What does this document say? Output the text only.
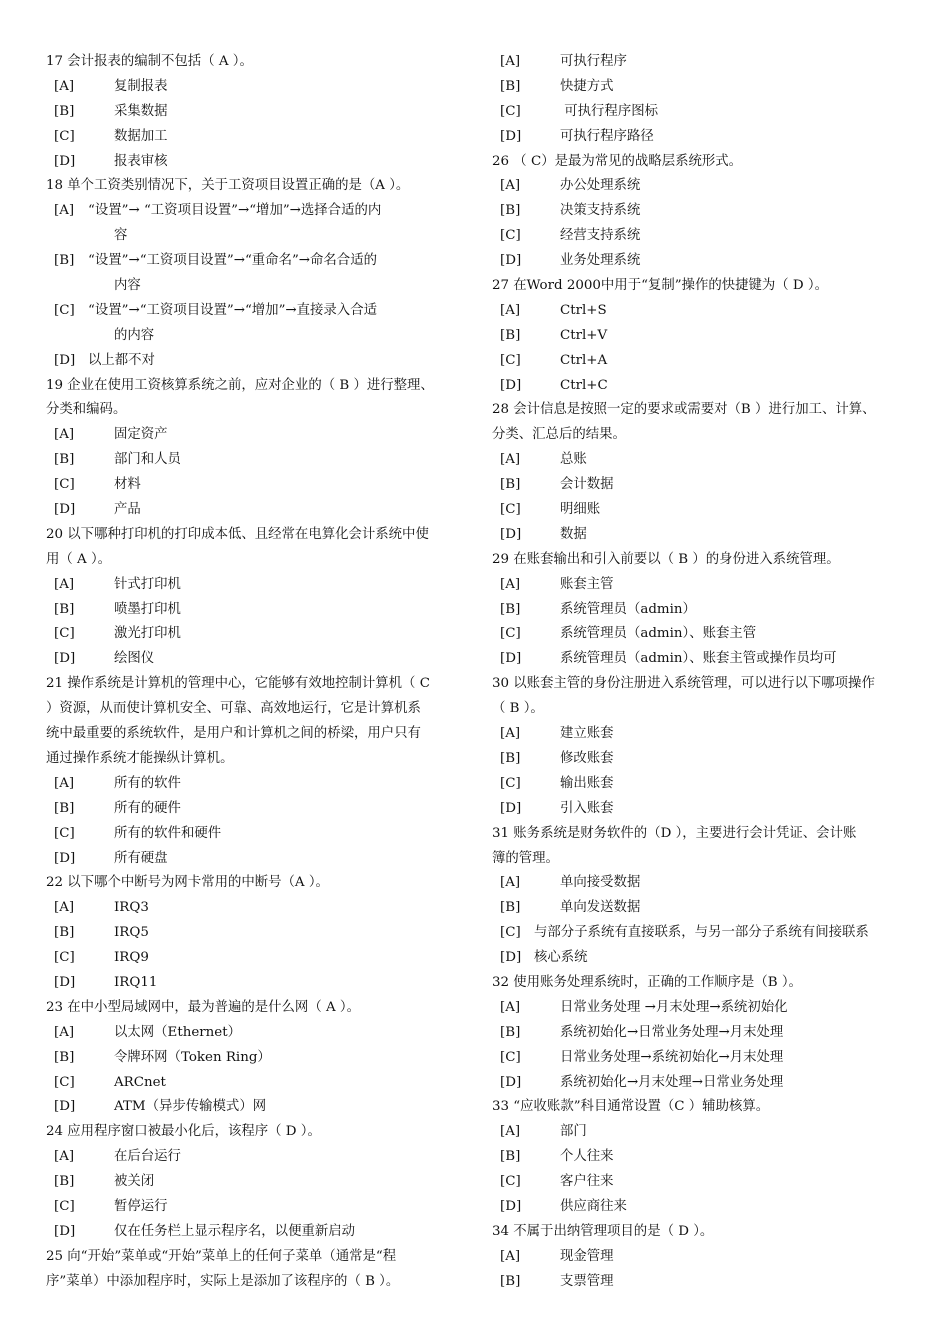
17 会计报表的编制不包括（ A ）。
[A]	复制报表
[B]	采集数据
[C]	数据加工
[D]	报表审核
18 单个工资类别情况下，关于工资项目设置正确的是（A ）。
[A] “设置”→ “工资项目设置”→“增加”→选择合适的内
容
[B] “设置”→“工资项目设置”→“重命名”→命名合适的
内容
[C] “设置”→“工资项目设置”→“增加”→直接录入合适
的内容
[D] 以上都不对
19 企业在使用工资核算系统之前，应对企业的（ B ）进行整理、
分类和编码。
[A]	固定资产
[B]	部门和人员
[C]	材料
[D]	产品
20 以下哪种打印机的打印成本低、且经常在电算化会计系统中使
用（ A ）。
[A]	针式打印机
[B]	喷墨打印机
[C]	激光打印机
[D]	绘图仪
21 操作系统是计算机的管理中心，它能够有效地控制计算机（ C
）资源，从而使计算机安全、可靠、高效地运行，它是计算机系
统中最重要的系统软件，是用户和计算机之间的桥梁，用户只有
通过操作系统才能操纵计算机。
[A]	所有的软件
[B]	所有的硬件
[C]	所有的软件和硬件
[D]	所有硬盘
22 以下哪个中断号为网卡常用的中断号（A ）。
[A]	IRQ3
[B]	IRQ5
[C]	IRQ9
[D]	IRQ11
23 在中小型局域网中，最为普遍的是什么网（ A ）。
[A]	以太网（Ethernet）
[B]	令牌环网（Token Ring）
[C]	ARCnet
[D]	ATM（异步传输模式）网
24 应用程序窗口被最小化后，该程序（ D ）。
[A]	在后台运行
[B]	被关闭
[C]	暂停运行
[D]	仅在任务栏上显示程序名，以便重新启动
25 向“开始”菜单或“开始”菜单上的任何子菜单（通常是“程
序”菜单）中添加程序时，实际上是添加了该程序的（ B ）。
[A]	可执行程序
[B]	快捷方式
[C]	可执行程序图标
[D]	可执行程序路径
26 （ C）是最为常见的战略层系统形式。
[A]	办公处理系统
[B]	决策支持系统
[C]	经营支持系统
[D]	业务处理系统
27 在Word 2000中用于“复制”操作的快捷键为（ D ）。
[A]	Ctrl+S
[B]	Ctrl+V
[C]	Ctrl+A
[D]	Ctrl+C
28 会计信息是按照一定的要求或需要对（B ）进行加工、计算、
分类、汇总后的结果。
[A]	总账
[B]	会计数据
[C]	明细账
[D]	数据
29 在账套输出和引入前要以（ B ）的身份进入系统管理。
[A]	账套主管
[B]	系统管理员（admin）
[C]	系统管理员（admin）、账套主管
[D]	系统管理员（admin）、账套主管或操作员均可
30 以账套主管的身份注册进入系统管理，可以进行以下哪项操作
（ B ）。
[A]	建立账套
[B]	修改账套
[C]	输出账套
[D]	引入账套
31 账务系统是财务软件的（D ），主要进行会计凭证、会计账
簿的管理。
[A]	单向接受数据
[B]	单向发送数据
[C] 与部分子系统有直接联系，与另一部分子系统有间接联系
[D] 核心系统
32 使用账务处理系统时，正确的工作顺序是（B ）。
[A]	日常业务处理 →月末处理→系统初始化
[B]	系统初始化→日常业务处理→月末处理
[C]	日常业务处理→系统初始化→月末处理
[D]	系统初始化→月末处理→日常业务处理
33 “应收账款”科目通常设置（C ）辅助核算。
[A]	部门
[B]	个人往来
[C]	客户往来
[D]	供应商往来
34 不属于出纳管理项目的是（ D ）。
[A]	现金管理
[B]	支票管理
